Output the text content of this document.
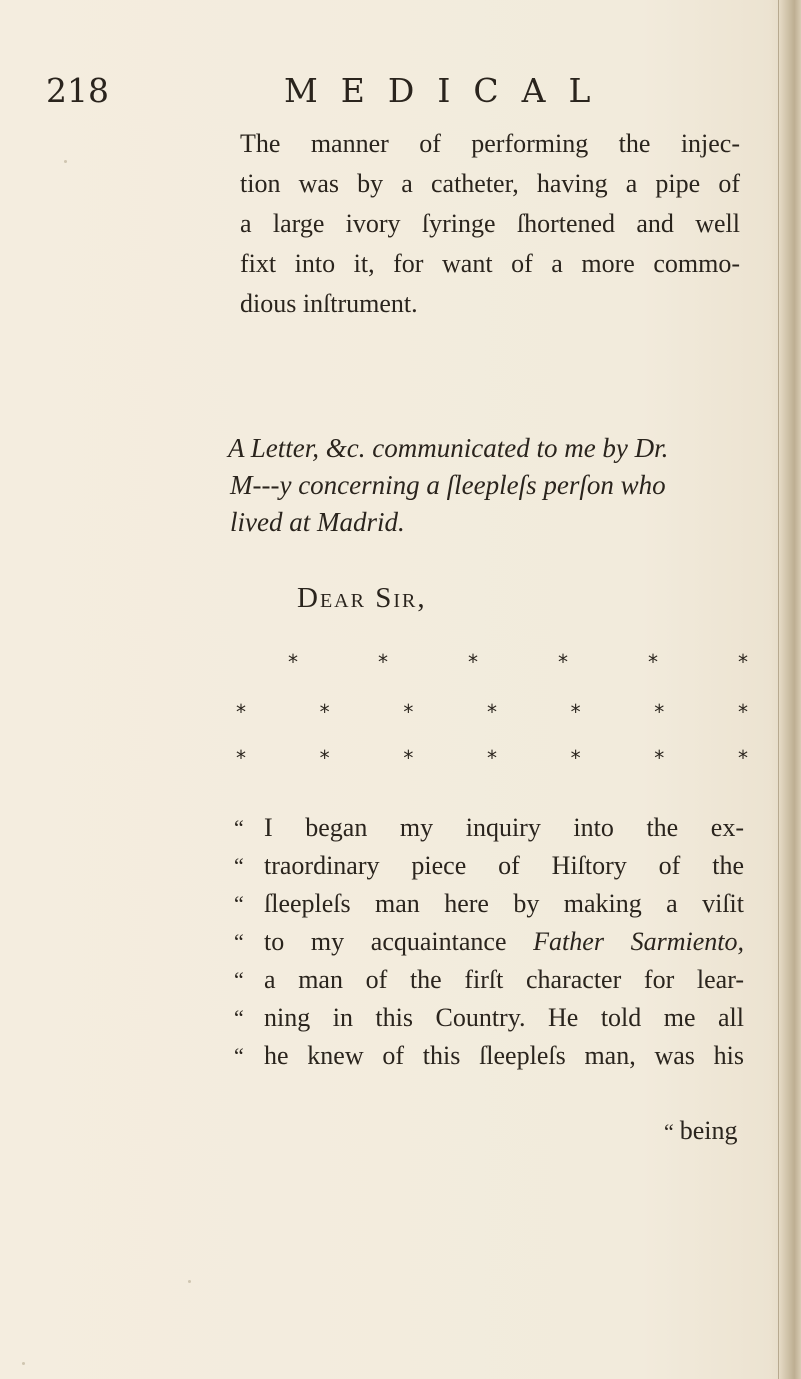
218	MEDICAL
The manner of performing the injec-
tion was by a catheter, having a pipe of
a large ivory ſyringe ſhortened and well
fixt into it, for want of a more commo-
dious inſtrument.
A Letter, &c. communicated to me by Dr.
M---y concerning a ſleepleſs perſon who
lived at Madrid.
Dear Sir,
*	*	*	*	*	*
*	*	*	*	*	*	*
*	*	*	*	*	*	*
“ I began my inquiry into the ex-
“ traordinary piece of Hiſtory of the
“ ſleepleſs man here by making a viſit
“ to my acquaintance Father Sarmiento,
“ a man of the firſt character for lear-
“ ning in this Country. He told me all
“ he knew of this ſleepleſs man, was his
“ being
